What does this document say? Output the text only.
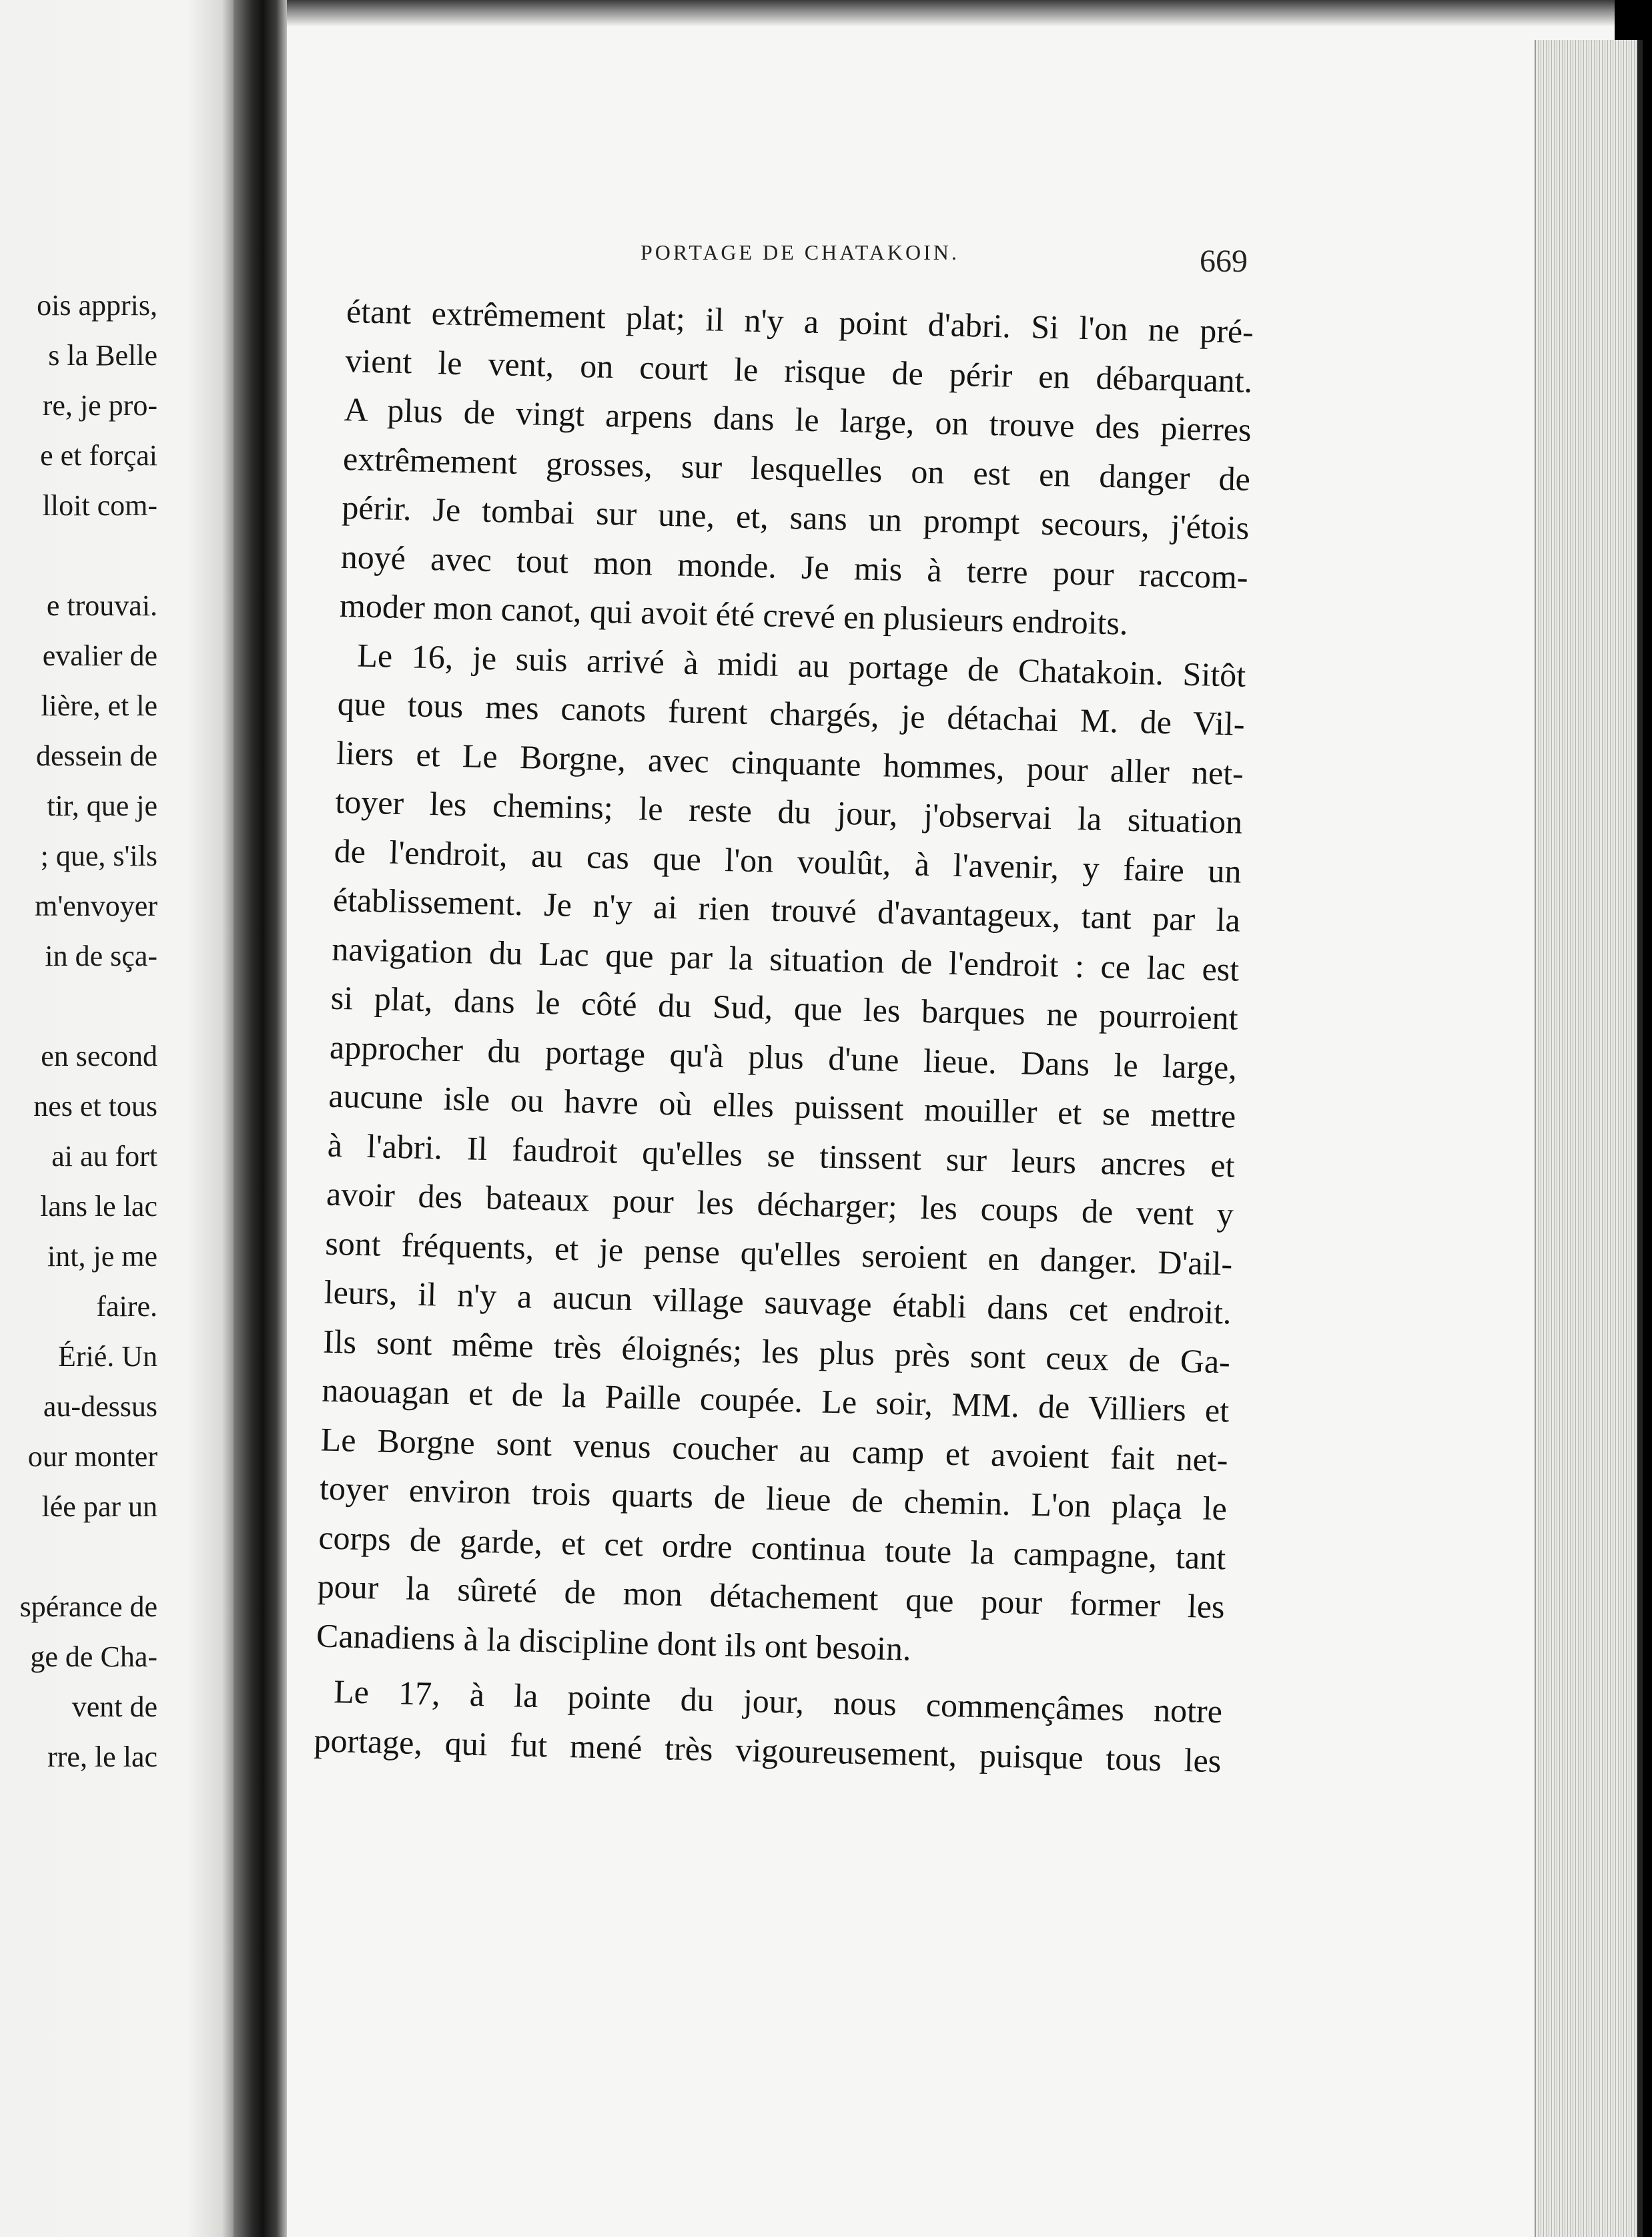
ois appris,
s la Belle
re, je pro-
e et forçai
lloit com-
e trouvai.
evalier de
lière, et le
dessein de
tir, que je
; que, s'ils
m'envoyer
in de sça-
en second
nes et tous
ai au fort
lans le lac
int, je me
faire.
Érié. Un
au-dessus
our monter
lée par un
spérance de
ge de Cha-
vent de
rre, le lac
PORTAGE DE CHATAKOIN.	669
étant extrêmement plat; il n'y a point d'abri. Si l'on ne pré-
vient le vent, on court le risque de périr en débarquant.
A plus de vingt arpens dans le large, on trouve des pierres
extrêmement grosses, sur lesquelles on est en danger de
périr. Je tombai sur une, et, sans un prompt secours, j'étois
noyé avec tout mon monde. Je mis à terre pour raccom-
moder mon canot, qui avoit été crevé en plusieurs endroits.
Le 16, je suis arrivé à midi au portage de Chatakoin. Sitôt
que tous mes canots furent chargés, je détachai M. de Vil-
liers et Le Borgne, avec cinquante hommes, pour aller net-
toyer les chemins; le reste du jour, j'observai la situation
de l'endroit, au cas que l'on voulût, à l'avenir, y faire un
établissement. Je n'y ai rien trouvé d'avantageux, tant par la
navigation du Lac que par la situation de l'endroit : ce lac est
si plat, dans le côté du Sud, que les barques ne pourroient
approcher du portage qu'à plus d'une lieue. Dans le large,
aucune isle ou havre où elles puissent mouiller et se mettre
à l'abri. Il faudroit qu'elles se tinssent sur leurs ancres et
avoir des bateaux pour les décharger; les coups de vent y
sont fréquents, et je pense qu'elles seroient en danger. D'ail-
leurs, il n'y a aucun village sauvage établi dans cet endroit.
Ils sont même très éloignés; les plus près sont ceux de Ga-
naouagan et de la Paille coupée. Le soir, MM. de Villiers et
Le Borgne sont venus coucher au camp et avoient fait net-
toyer environ trois quarts de lieue de chemin. L'on plaça le
corps de garde, et cet ordre continua toute la campagne, tant
pour la sûreté de mon détachement que pour former les
Canadiens à la discipline dont ils ont besoin.
Le 17, à la pointe du jour, nous commençâmes notre
portage, qui fut mené très vigoureusement, puisque tous les
